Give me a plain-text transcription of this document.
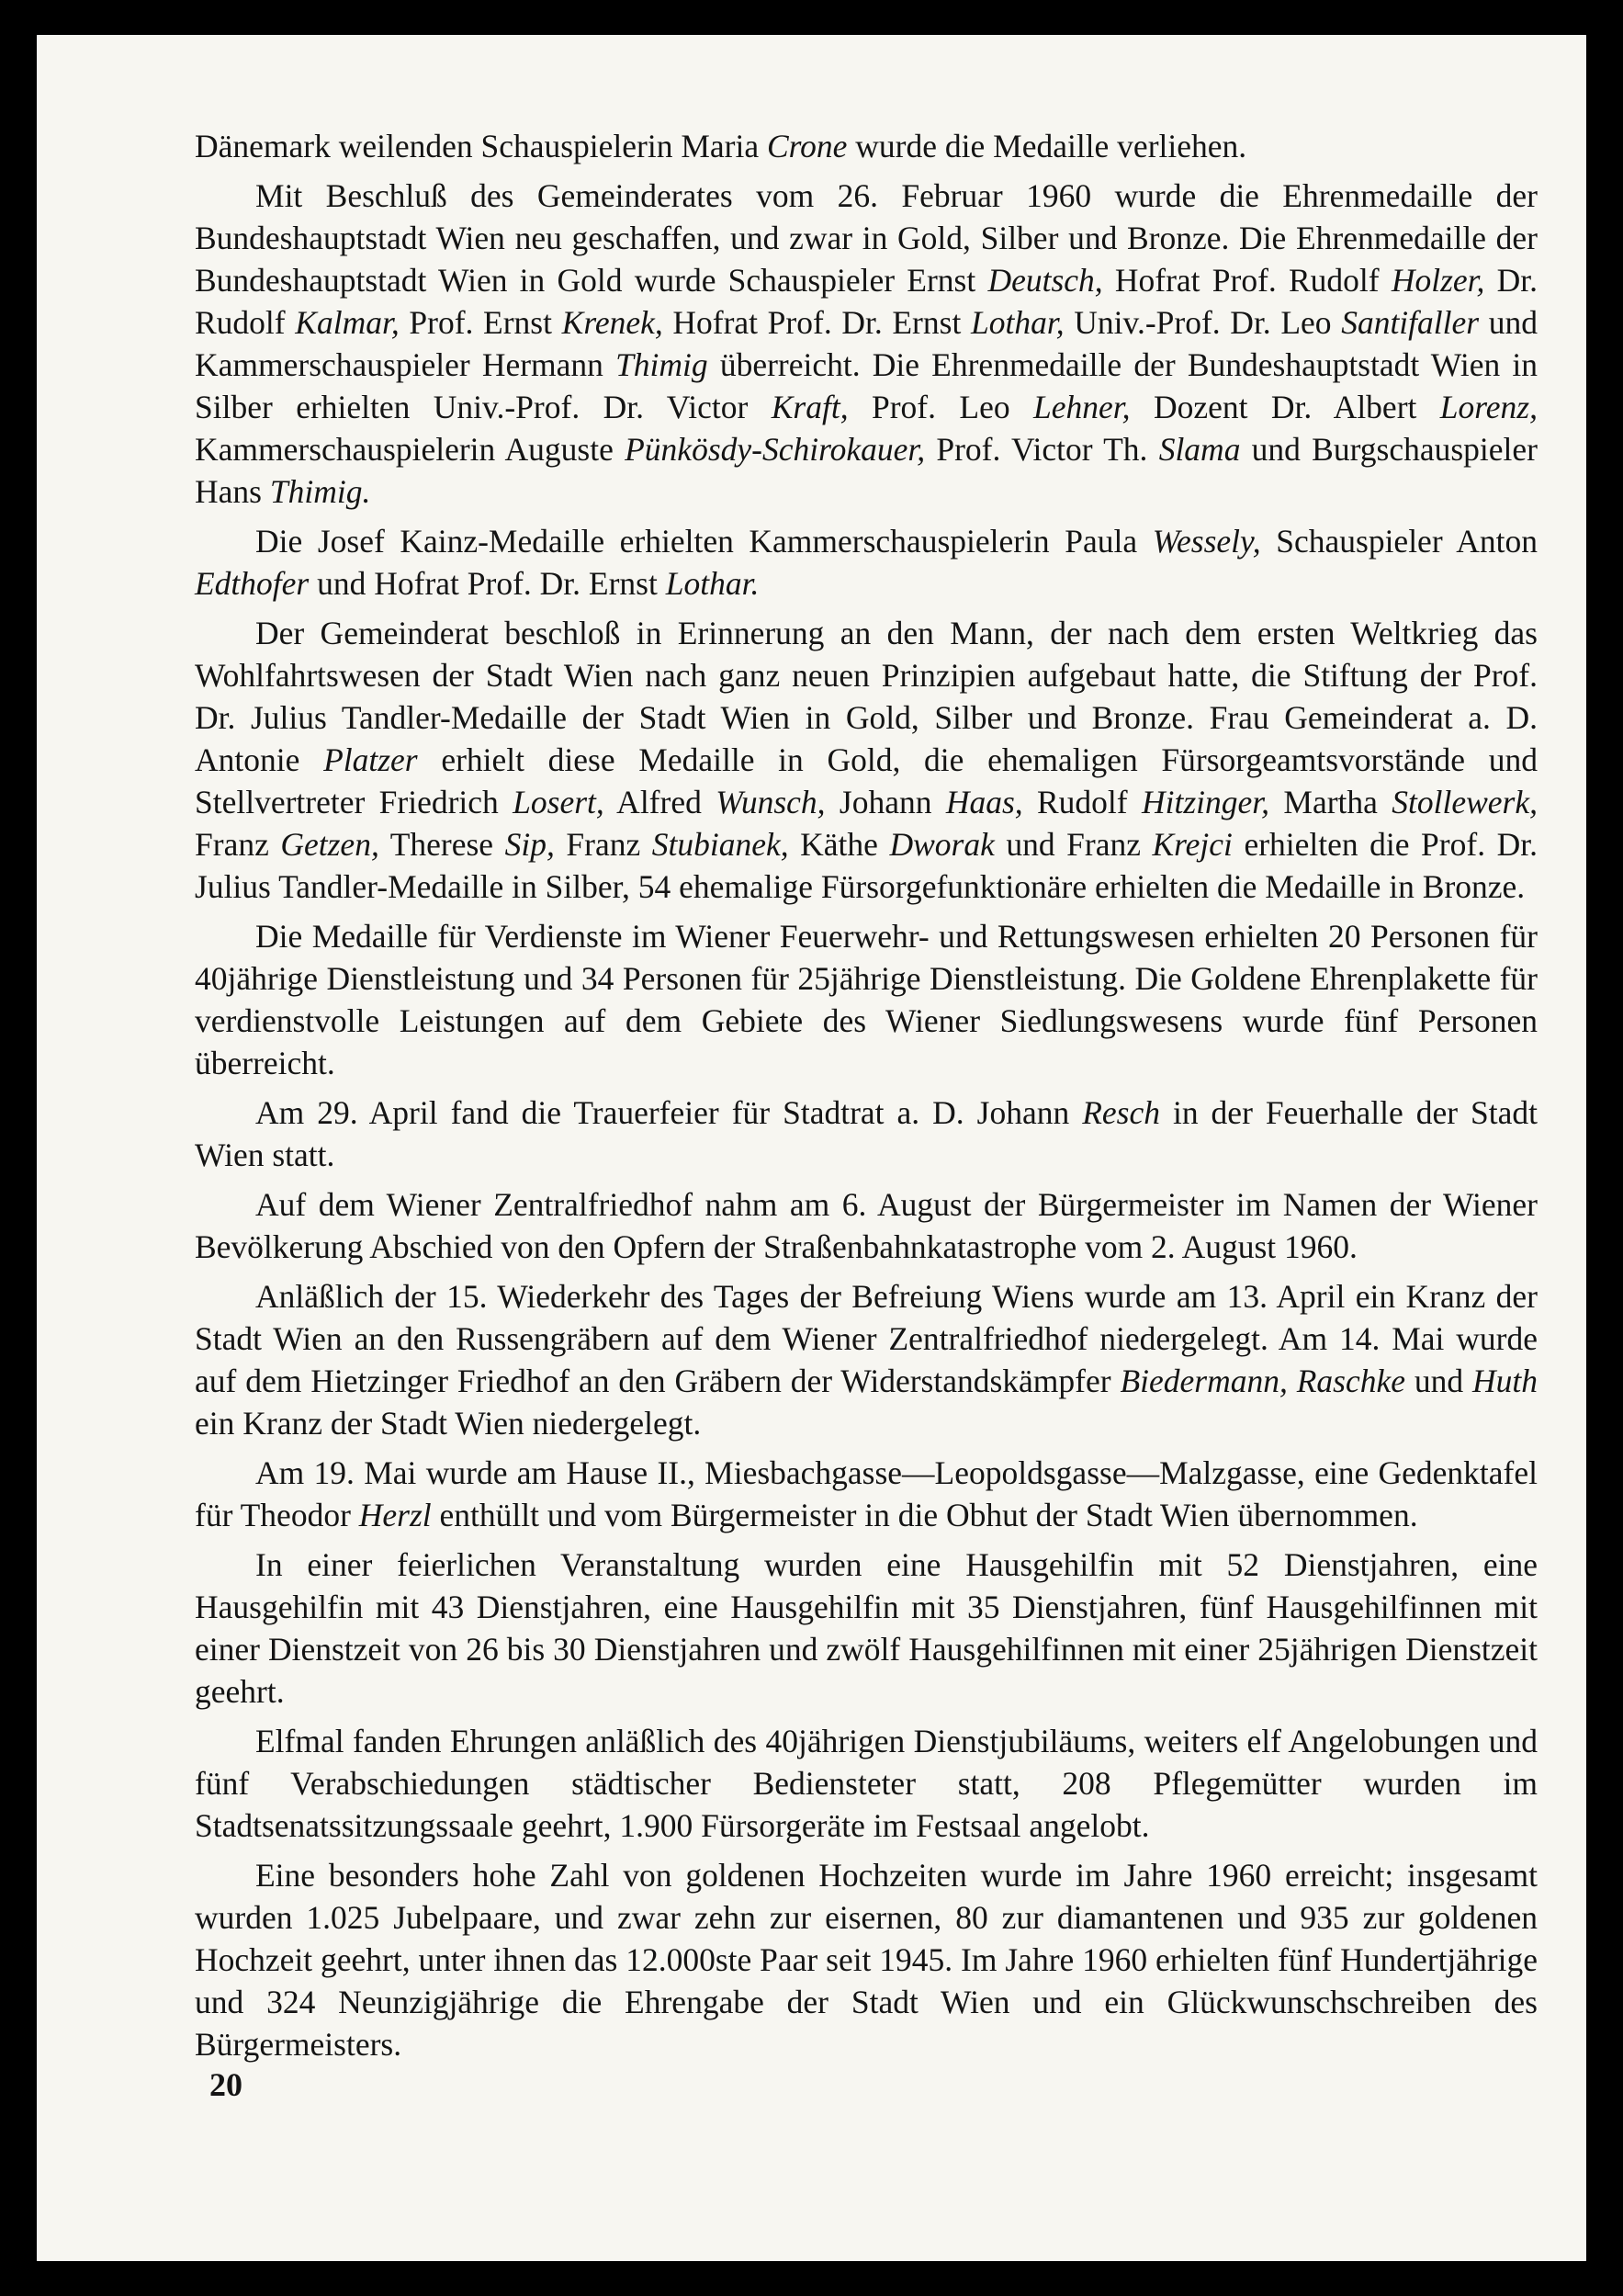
Dänemark weilenden Schauspielerin Maria Crone wurde die Medaille verliehen.

Mit Beschluß des Gemeinderates vom 26. Februar 1960 wurde die Ehrenmedaille der Bundeshauptstadt Wien neu geschaffen, und zwar in Gold, Silber und Bronze. Die Ehrenmedaille der Bundeshauptstadt Wien in Gold wurde Schauspieler Ernst Deutsch, Hofrat Prof. Rudolf Holzer, Dr. Rudolf Kalmar, Prof. Ernst Krenek, Hofrat Prof. Dr. Ernst Lothar, Univ.-Prof. Dr. Leo Santifaller und Kammerschauspieler Hermann Thimig überreicht. Die Ehrenmedaille der Bundeshauptstadt Wien in Silber erhielten Univ.-Prof. Dr. Victor Kraft, Prof. Leo Lehner, Dozent Dr. Albert Lorenz, Kammerschauspielerin Auguste Pünkösdy-Schirokauer, Prof. Victor Th. Slama und Burgschauspieler Hans Thimig.

Die Josef Kainz-Medaille erhielten Kammerschauspielerin Paula Wessely, Schauspieler Anton Edthofer und Hofrat Prof. Dr. Ernst Lothar.

Der Gemeinderat beschloß in Erinnerung an den Mann, der nach dem ersten Weltkrieg das Wohlfahrtswesen der Stadt Wien nach ganz neuen Prinzipien aufgebaut hatte, die Stiftung der Prof. Dr. Julius Tandler-Medaille der Stadt Wien in Gold, Silber und Bronze. Frau Gemeinderat a. D. Antonie Platzer erhielt diese Medaille in Gold, die ehemaligen Fürsorgeamtsvorstände und Stellvertreter Friedrich Losert, Alfred Wunsch, Johann Haas, Rudolf Hitzinger, Martha Stollewerk, Franz Getzen, Therese Sip, Franz Stubianek, Käthe Dworak und Franz Krejci erhielten die Prof. Dr. Julius Tandler-Medaille in Silber, 54 ehemalige Fürsorgefunktionäre erhielten die Medaille in Bronze.

Die Medaille für Verdienste im Wiener Feuerwehr- und Rettungswesen erhielten 20 Personen für 40jährige Dienstleistung und 34 Personen für 25jährige Dienstleistung. Die Goldene Ehrenplakette für verdienstvolle Leistungen auf dem Gebiete des Wiener Siedlungswesens wurde fünf Personen überreicht.

Am 29. April fand die Trauerfeier für Stadtrat a. D. Johann Resch in der Feuerhalle der Stadt Wien statt.

Auf dem Wiener Zentralfriedhof nahm am 6. August der Bürgermeister im Namen der Wiener Bevölkerung Abschied von den Opfern der Straßenbahnkatastrophe vom 2. August 1960.

Anläßlich der 15. Wiederkehr des Tages der Befreiung Wiens wurde am 13. April ein Kranz der Stadt Wien an den Russengräbern auf dem Wiener Zentralfriedhof niedergelegt. Am 14. Mai wurde auf dem Hietzinger Friedhof an den Gräbern der Widerstandskämpfer Biedermann, Raschke und Huth ein Kranz der Stadt Wien niedergelegt.

Am 19. Mai wurde am Hause II., Miesbachgasse—Leopoldsgasse—Malzgasse, eine Gedenktafel für Theodor Herzl enthüllt und vom Bürgermeister in die Obhut der Stadt Wien übernommen.

In einer feierlichen Veranstaltung wurden eine Hausgehilfin mit 52 Dienstjahren, eine Hausgehilfin mit 43 Dienstjahren, eine Hausgehilfin mit 35 Dienstjahren, fünf Hausgehilfinnen mit einer Dienstzeit von 26 bis 30 Dienstjahren und zwölf Hausgehilfinnen mit einer 25jährigen Dienstzeit geehrt.

Elfmal fanden Ehrungen anläßlich des 40jährigen Dienstjubiläums, weiters elf Angelobungen und fünf Verabschiedungen städtischer Bediensteter statt, 208 Pflegemütter wurden im Stadtsenatssitzungssaale geehrt, 1.900 Fürsorgeräte im Festsaal angelobt.

Eine besonders hohe Zahl von goldenen Hochzeiten wurde im Jahre 1960 erreicht; insgesamt wurden 1.025 Jubelpaare, und zwar zehn zur eisernen, 80 zur diamantenen und 935 zur goldenen Hochzeit geehrt, unter ihnen das 12.000ste Paar seit 1945. Im Jahre 1960 erhielten fünf Hundertjährige und 324 Neunzigjährige die Ehrengabe der Stadt Wien und ein Glückwunschschreiben des Bürgermeisters.

20
